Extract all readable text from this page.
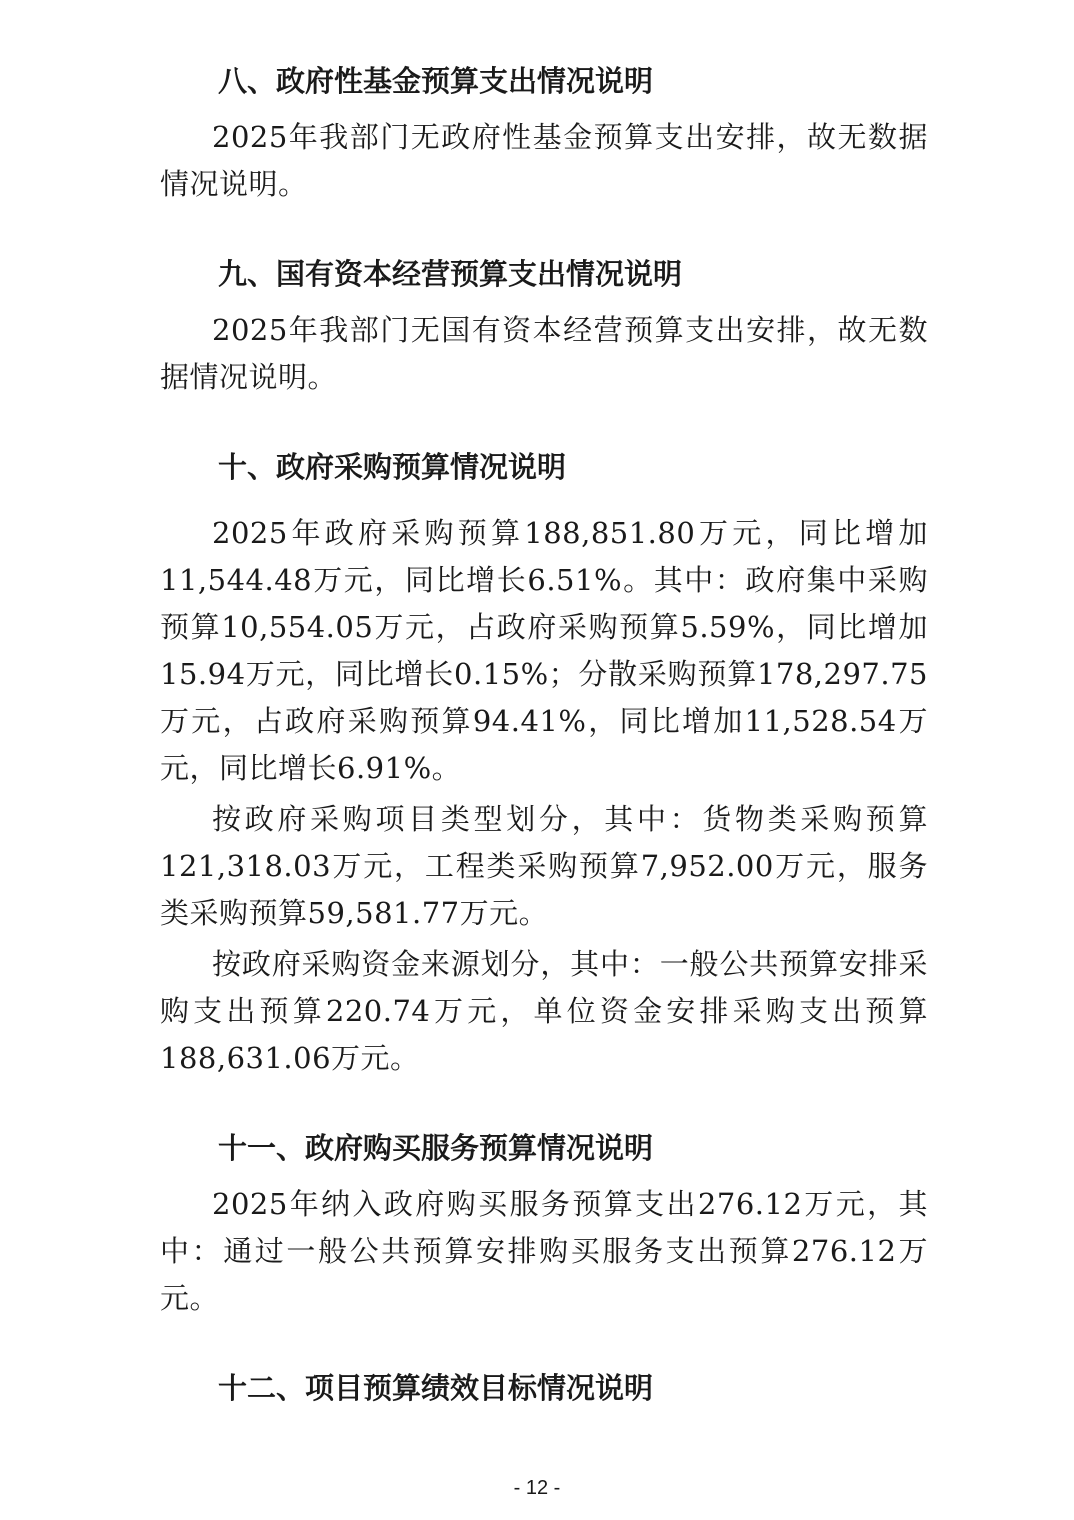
八、政府性基金预算支出情况说明

2025年我部门无政府性基金预算支出安排，故无数据情况说明。

九、国有资本经营预算支出情况说明

2025年我部门无国有资本经营预算支出安排，故无数据情况说明。

十、政府采购预算情况说明

2025年政府采购预算188,851.80万元，同比增加11,544.48万元，同比增长6.51%。其中：政府集中采购预算10,554.05万元，占政府采购预算5.59%，同比增加15.94万元，同比增长0.15%；分散采购预算178,297.75万元，占政府采购预算94.41%，同比增加11,528.54万元，同比增长6.91%。

按政府采购项目类型划分，其中：货物类采购预算121,318.03万元，工程类采购预算7,952.00万元，服务类采购预算59,581.77万元。

按政府采购资金来源划分，其中：一般公共预算安排采购支出预算220.74万元，单位资金安排采购支出预算188,631.06万元。

十一、政府购买服务预算情况说明

2025年纳入政府购买服务预算支出276.12万元，其中：通过一般公共预算安排购买服务支出预算276.12万元。

十二、项目预算绩效目标情况说明
- 12 -
